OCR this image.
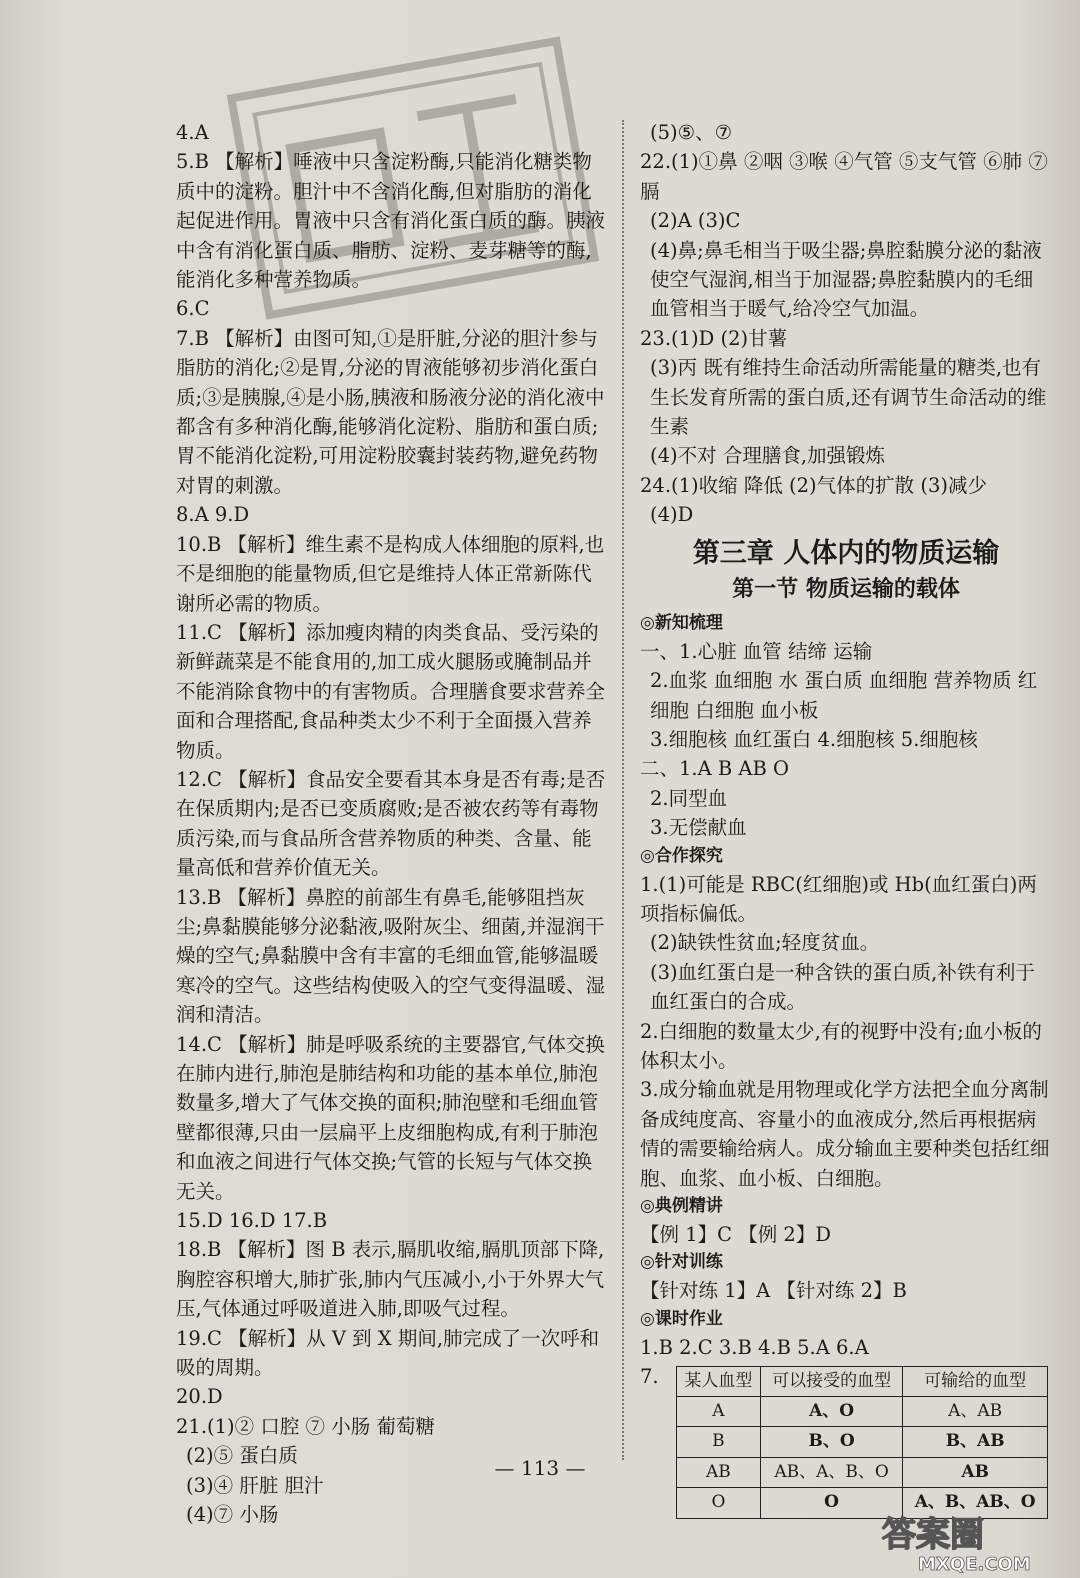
4.A
5.B 【解析】唾液中只含淀粉酶,只能消化糖类物质中的淀粉。胆汁中不含消化酶,但对脂肪的消化起促进作用。胃液中只含有消化蛋白质的酶。胰液中含有消化蛋白质、脂肪、淀粉、麦芽糖等的酶,能消化多种营养物质。
6.C
7.B 【解析】由图可知,①是肝脏,分泌的胆汁参与脂肪的消化;②是胃,分泌的胃液能够初步消化蛋白质;③是胰腺,④是小肠,胰液和肠液分泌的消化液中都含有多种消化酶,能够消化淀粉、脂肪和蛋白质;胃不能消化淀粉,可用淀粉胶囊封装药物,避免药物对胃的刺激。
8.A 9.D
10.B 【解析】维生素不是构成人体细胞的原料,也不是细胞的能量物质,但它是维持人体正常新陈代谢所必需的物质。
11.C 【解析】添加瘦肉精的肉类食品、受污染的新鲜蔬菜是不能食用的,加工成火腿肠或腌制品并不能消除食物中的有害物质。合理膳食要求营养全面和合理搭配,食品种类太少不利于全面摄入营养物质。
12.C 【解析】食品安全要看其本身是否有毒;是否在保质期内;是否已变质腐败;是否被农药等有毒物质污染,而与食品所含营养物质的种类、含量、能量高低和营养价值无关。
13.B 【解析】鼻腔的前部生有鼻毛,能够阻挡灰尘;鼻黏膜能够分泌黏液,吸附灰尘、细菌,并湿润干燥的空气;鼻黏膜中含有丰富的毛细血管,能够温暖寒冷的空气。这些结构使吸入的空气变得温暖、湿润和清洁。
14.C 【解析】肺是呼吸系统的主要器官,气体交换在肺内进行,肺泡是肺结构和功能的基本单位,肺泡数量多,增大了气体交换的面积;肺泡壁和毛细血管壁都很薄,只由一层扁平上皮细胞构成,有利于肺泡和血液之间进行气体交换;气管的长短与气体交换无关。
15.D 16.D 17.B
18.B 【解析】图 B 表示,膈肌收缩,膈肌顶部下降,胸腔容积增大,肺扩张,肺内气压减小,小于外界大气压,气体通过呼吸道进入肺,即吸气过程。
19.C 【解析】从 V 到 X 期间,肺完成了一次呼和吸的周期。
20.D
21.(1)② 口腔 ⑦ 小肠 葡萄糖
(2)⑤ 蛋白质
(3)④ 肝脏 胆汁
(4)⑦ 小肠
(5)⑤、⑦
22.(1)①鼻 ②咽 ③喉 ④气管 ⑤支气管 ⑥肺 ⑦膈
(2)A (3)C
(4)鼻;鼻毛相当于吸尘器;鼻腔黏膜分泌的黏液使空气湿润,相当于加湿器;鼻腔黏膜内的毛细血管相当于暖气,给冷空气加温。
23.(1)D (2)甘薯
(3)丙 既有维持生命活动所需能量的糖类,也有生长发育所需的蛋白质,还有调节生命活动的维生素
(4)不对 合理膳食,加强锻炼
24.(1)收缩 降低 (2)气体的扩散 (3)减少
(4)D
第三章 人体内的物质运输
第一节 物质运输的载体
◎新知梳理
一、1.心脏 血管 结缔 运输
2.血浆 血细胞 水 蛋白质 血细胞 营养物质 红细胞 白细胞 血小板
3.细胞核 血红蛋白 4.细胞核 5.细胞核
二、1.A B AB O
2.同型血
3.无偿献血
◎合作探究
1.(1)可能是 RBC(红细胞)或 Hb(血红蛋白)两项指标偏低。
(2)缺铁性贫血;轻度贫血。
(3)血红蛋白是一种含铁的蛋白质,补铁有利于血红蛋白的合成。
2.白细胞的数量太少,有的视野中没有;血小板的体积太小。
3.成分输血就是用物理或化学方法把全血分离制备成纯度高、容量小的血液成分,然后再根据病情的需要输给病人。成分输血主要种类包括红细胞、血浆、血小板、白细胞。
◎典例精讲
【例 1】C 【例 2】D
◎针对训练
【针对练 1】A 【针对练 2】B
◎课时作业
1.B 2.C 3.B 4.B 5.A 6.A
7.	某人血型	可以接受的血型	可输给的血型
A	A、O	A、AB
B	B、O	B、AB
AB	AB、A、B、O	AB
O	O	A、B、AB、O
— 113 —
答案圈
MXQE.COM
